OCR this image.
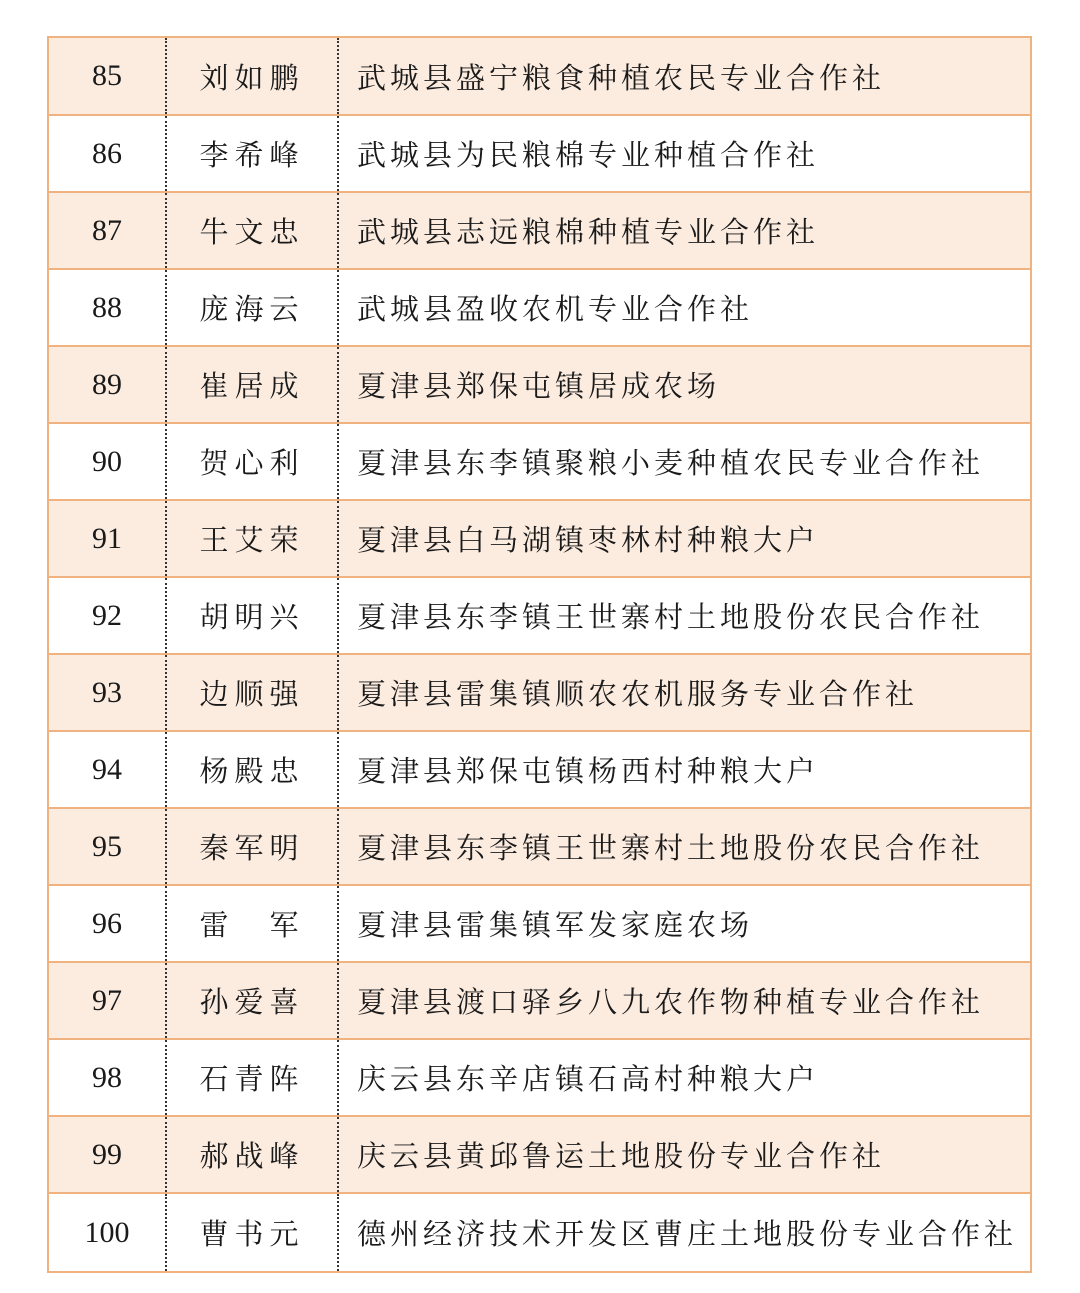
85	刘如鹏	武城县盛宁粮食种植农民专业合作社
86	李希峰	武城县为民粮棉专业种植合作社
87	牛文忠	武城县志远粮棉种植专业合作社
88	庞海云	武城县盈收农机专业合作社
89	崔居成	夏津县郑保屯镇居成农场
90	贺心利	夏津县东李镇聚粮小麦种植农民专业合作社
91	王艾荣	夏津县白马湖镇枣林村种粮大户
92	胡明兴	夏津县东李镇王世寨村土地股份农民合作社
93	边顺强	夏津县雷集镇顺农农机服务专业合作社
94	杨殿忠	夏津县郑保屯镇杨西村种粮大户
95	秦军明	夏津县东李镇王世寨村土地股份农民合作社
96	雷　军	夏津县雷集镇军发家庭农场
97	孙爱喜	夏津县渡口驿乡八九农作物种植专业合作社
98	石青阵	庆云县东辛店镇石高村种粮大户
99	郝战峰	庆云县黄邱鲁运土地股份专业合作社
100	曹书元	德州经济技术开发区曹庄土地股份专业合作社
